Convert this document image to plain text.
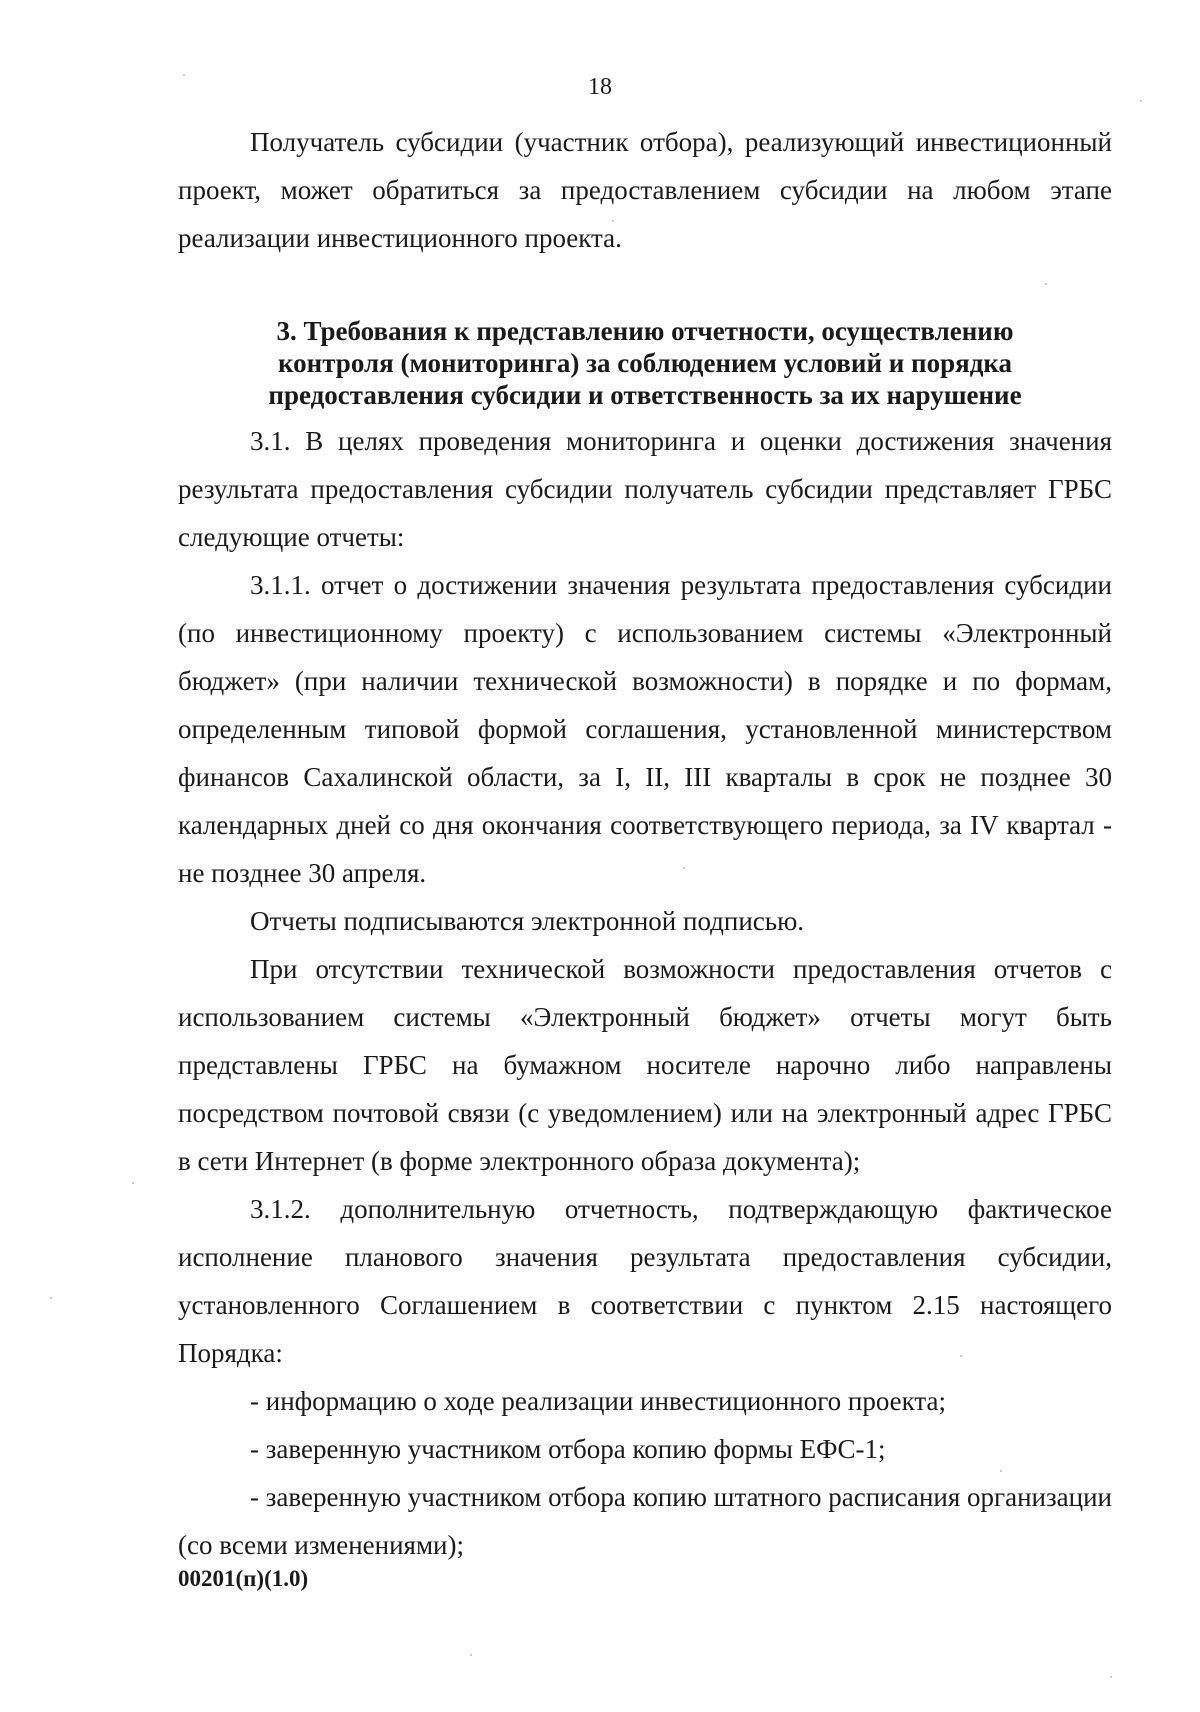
18

Получатель субсидии (участник отбора), реализующий инвестиционный проект, может обратиться за предоставлением субсидии на любом этапе реализации инвестиционного проекта.

3. Требования к представлению отчетности, осуществлению
контроля (мониторинга) за соблюдением условий и порядка
предоставления субсидии и ответственность за их нарушение

3.1. В целях проведения мониторинга и оценки достижения значения результата предоставления субсидии получатель субсидии представляет ГРБС следующие отчеты:

3.1.1. отчет о достижении значения результата предоставления субсидии (по инвестиционному проекту) с использованием системы «Электронный бюджет» (при наличии технической возможности) в порядке и по формам, определенным типовой формой соглашения, установленной министерством финансов Сахалинской области, за I, II, III кварталы в срок не позднее 30 календарных дней со дня окончания соответствующего периода, за IV квартал - не позднее 30 апреля.

Отчеты подписываются электронной подписью.

При отсутствии технической возможности предоставления отчетов с использованием системы «Электронный бюджет» отчеты могут быть представлены ГРБС на бумажном носителе нарочно либо направлены посредством почтовой связи (с уведомлением) или на электронный адрес ГРБС в сети Интернет (в форме электронного образа документа);

3.1.2. дополнительную отчетность, подтверждающую фактическое исполнение планового значения результата предоставления субсидии, установленного Соглашением в соответствии с пунктом 2.15 настоящего Порядка:

- информацию о ходе реализации инвестиционного проекта;

- заверенную участником отбора копию формы ЕФС-1;

- заверенную участником отбора копию штатного расписания организации (со всеми изменениями);

00201(п)(1.0)
